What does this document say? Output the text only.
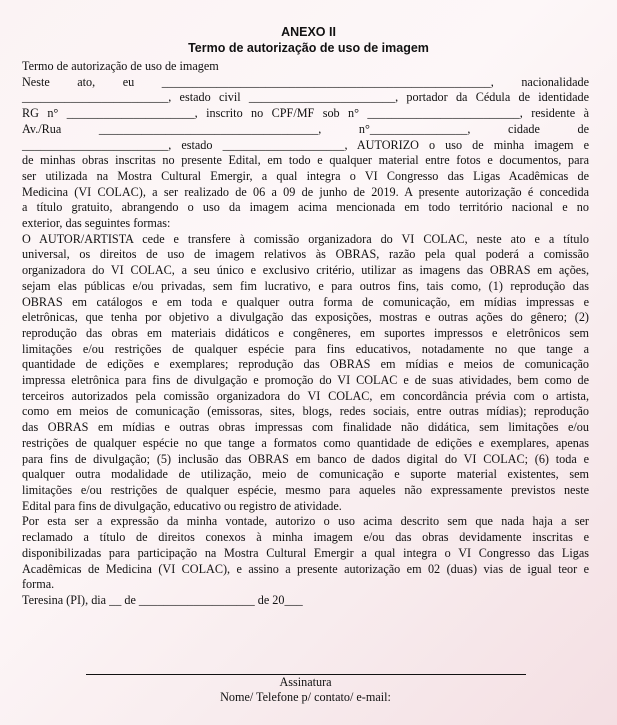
ANEXO II
Termo de autorização de uso de imagem

Termo de autorização de uso de imagem

Neste ato, eu ______________________________________________________, nacionalidade

________________________, estado civil ________________________, portador da Cédula de identidade

RG n° _____________________, inscrito no CPF/MF sob n° _________________________, residente à

Av./Rua ____________________________________, n°________________, cidade de

________________________, estado ____________________, AUTORIZO o uso de minha imagem e

de minhas obras inscritas no presente Edital, em todo e qualquer material entre fotos e documentos, para

ser utilizada na Mostra Cultural Emergir, a qual integra o VI Congresso das Ligas Acadêmicas de

Medicina (VI COLAC), a ser realizado de 06 a 09 de junho de 2019. A presente autorização é concedida

a título gratuito, abrangendo o uso da imagem acima mencionada em todo território nacional e no

exterior, das seguintes formas:

O AUTOR/ARTISTA cede e transfere à comissão organizadora do VI COLAC, neste ato e a título

universal, os direitos de uso de imagem relativos às OBRAS, razão pela qual poderá a comissão

organizadora do VI COLAC, a seu único e exclusivo critério, utilizar as imagens das OBRAS em ações,

sejam elas públicas e/ou privadas, sem fim lucrativo, e para outros fins, tais como, (1) reprodução das

OBRAS em catálogos e em toda e qualquer outra forma de comunicação, em mídias impressas e

eletrônicas, que tenha por objetivo a divulgação das exposições, mostras e outras ações do gênero; (2)

reprodução das obras em materiais didáticos e congêneres, em suportes impressos e eletrônicos sem

limitações e/ou restrições de qualquer espécie para fins educativos, notadamente no que tange a

quantidade de edições e exemplares; reprodução das OBRAS em mídias e meios de comunicação

impressa eletrônica para fins de divulgação e promoção do VI COLAC e de suas atividades, bem como de

terceiros autorizados pela comissão organizadora do VI COLAC, em concordância prévia com o artista,

como em meios de comunicação (emissoras, sites, blogs, redes sociais, entre outras mídias); reprodução

das OBRAS em mídias e outras obras impressas com finalidade não didática, sem limitações e/ou

restrições de qualquer espécie no que tange a formatos como quantidade de edições e exemplares, apenas

para fins de divulgação; (5) inclusão das OBRAS em banco de dados digital do VI COLAC; (6) toda e

qualquer outra modalidade de utilização, meio de comunicação e suporte material existentes, sem

limitações e/ou restrições de qualquer espécie, mesmo para aqueles não expressamente previstos neste

Edital para fins de divulgação, educativo ou registro de atividade.

Por esta ser a expressão da minha vontade, autorizo o uso acima descrito sem que nada haja a ser

reclamado a título de direitos conexos à minha imagem e/ou das obras devidamente inscritas e

disponibilizadas para participação na Mostra Cultural Emergir a qual integra o VI Congresso das Ligas

Acadêmicas de Medicina (VI COLAC), e assino a presente autorização em 02 (duas) vias de igual teor e

forma.

Teresina (PI), dia __ de ___________________ de 20___

Assinatura

Nome/ Telefone p/ contato/ e-mail:
